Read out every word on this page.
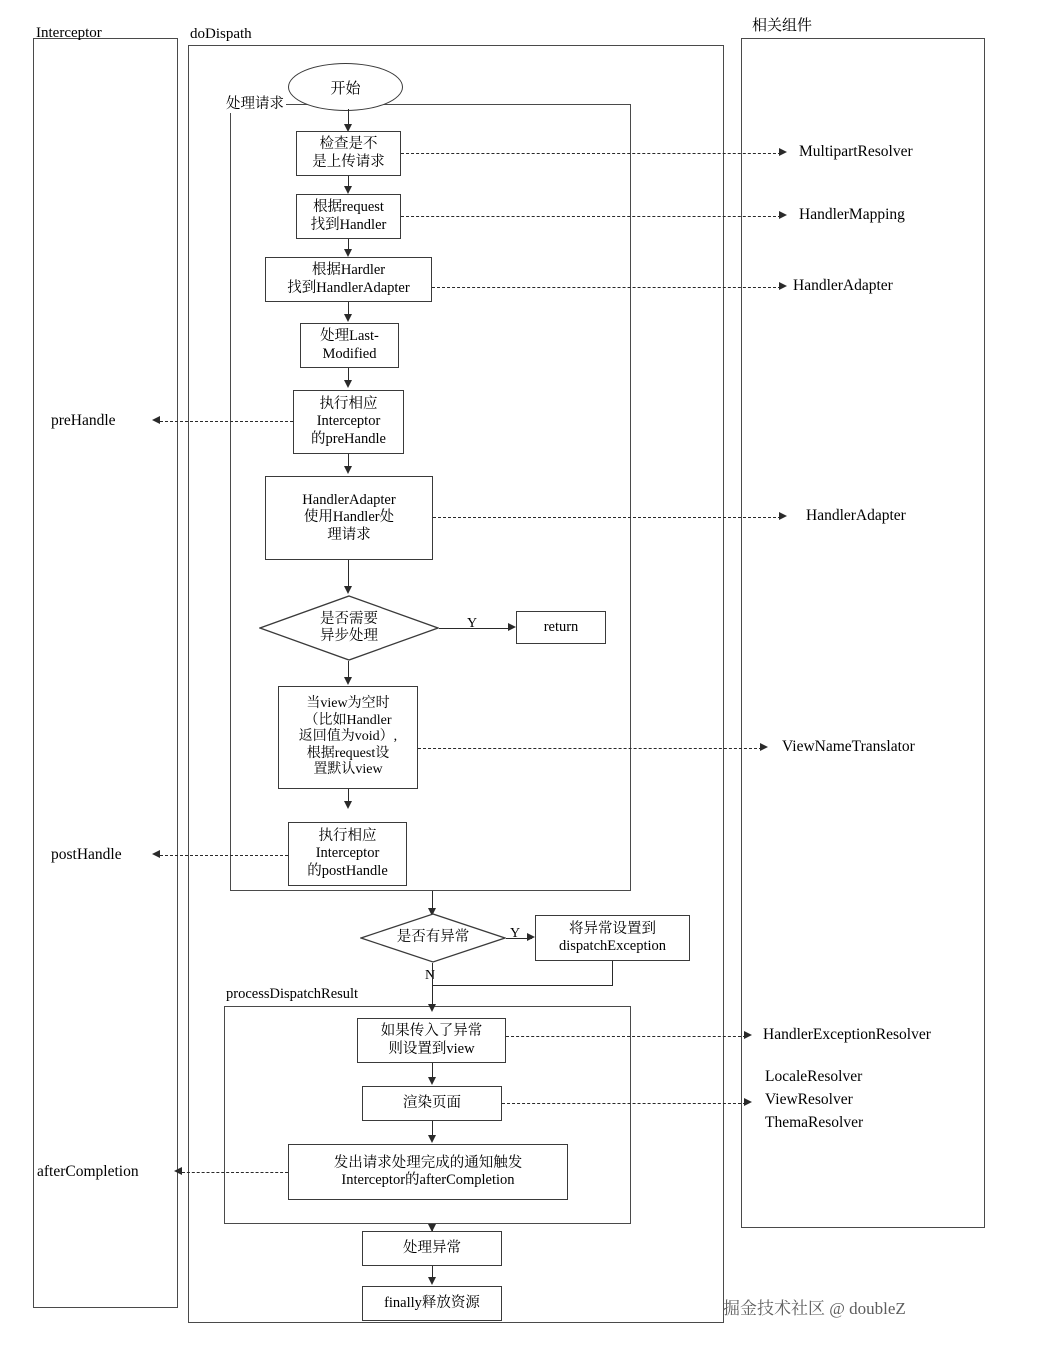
Interceptor	doDispath	相关组件
处理请求
processDispatchResult
开始
检查是不
是上传请求
根据request
找到Handler
根据Hardler
找到HandlerAdapter
处理Last-
Modified
执行相应
Interceptor
的preHandle
HandlerAdapter
使用Handler处
理请求
是否需要
异步处理
Y	return
当view为空时
（比如Handler
返回值为void）,
根据request设
置默认view
执行相应
Interceptor
的postHandle
是否有异常	Y	将异常设置到
dispatchException
N
如果传入了异常
则设置到view
渲染页面
发出请求处理完成的通知触发
Interceptor的afterCompletion
处理异常
finally释放资源
MultipartResolver
HandlerMapping
HandlerAdapter
HandlerAdapter
ViewNameTranslator
HandlerExceptionResolver
LocaleResolver
ViewResolver
ThemaResolver
preHandle
postHandle
afterCompletion
掘金技术社区 @ doubleZ
